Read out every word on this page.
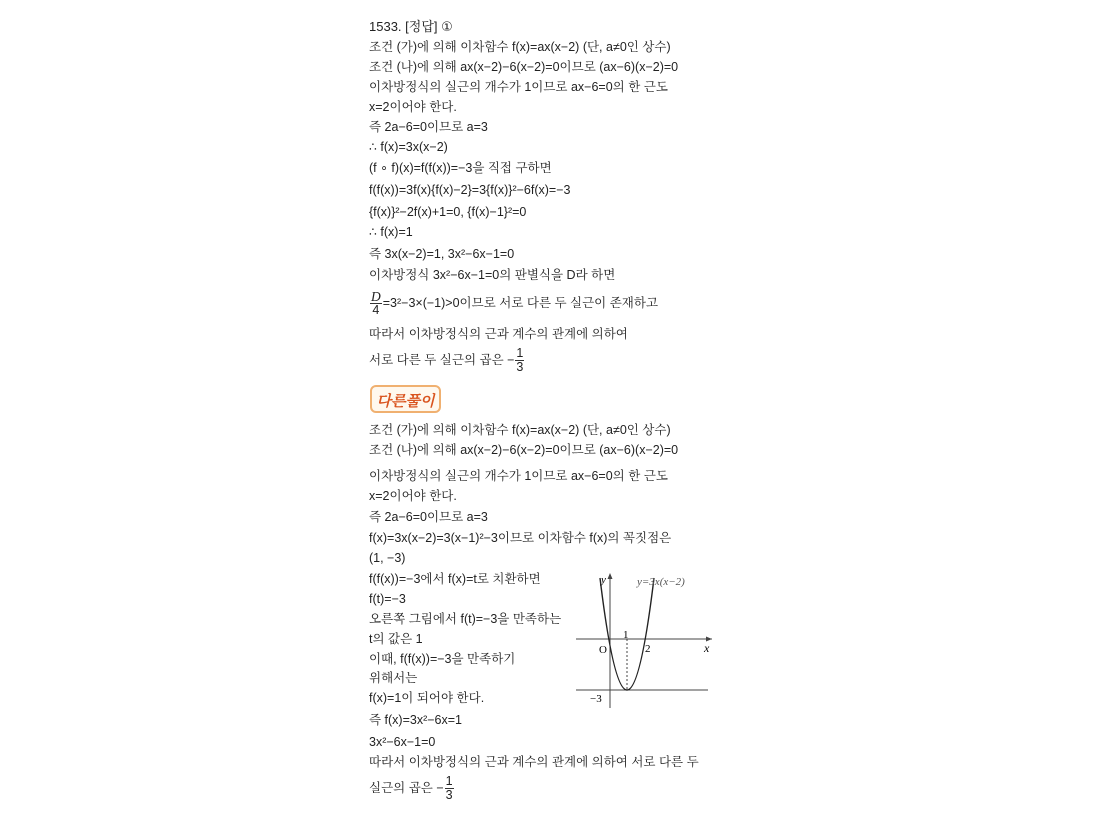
1533. [정답] ①
조건 (가)에 의해 이차함수 f(x)=ax(x−2) (단, a≠0인 상수)
조건 (나)에 의해 ax(x−2)−6(x−2)=0이므로 (ax−6)(x−2)=0
이차방정식의 실근의 개수가 1이므로 ax−6=0의 한 근도
x=2이어야 한다.
즉 2a−6=0이므로 a=3
∴ f(x)=3x(x−2)
(f ∘ f)(x)=f(f(x))=−3을 직접 구하면
f(f(x))=3f(x){f(x)−2}=3{f(x)}²−6f(x)=−3
{f(x)}²−2f(x)+1=0, {f(x)−1}²=0
∴ f(x)=1
즉 3x(x−2)=1, 3x²−6x−1=0
이차방정식 3x²−6x−1=0의 판별식을 D라 하면
$\frac{D}{4} =3^2-3\times(-1)>0$이므로 서로 다른 두 실근이 존재하고
따라서 이차방정식의 근과 계수의 관계에 의하여
서로 다른 두 실근의 곱은 − $\frac{1}{3}$
다른풀이
조건 (가)에 의해 이차함수 f(x)=ax(x−2) (단, a≠0인 상수)
조건 (나)에 의해 ax(x−2)−6(x−2)=0이므로 (ax−6)(x−2)=0
이차방정식의 실근의 개수가 1이므로 ax−6=0의 한 근도
x=2이어야 한다.
즉 2a−6=0이므로 a=3
f(x)=3x(x−2)=3(x−1)²−3이므로 이차함수 f(x)의 꼭짓점은
(1, −3)
f(f(x))=−3에서 f(x)=t로 치환하면
f(t)=−3
오른쪽 그림에서 f(t)=−3을 만족하는
t의 값은 1
이때, f(f(x))=−3을 만족하기
위해서는
f(x)=1이 되어야 한다.
즉 f(x)=3x²−6x=1
3x²−6x−1=0
따라서 이차방정식의 근과 계수의 관계에 의하여 서로 다른 두
실근의 곱은 − $\frac{1}{3}$
y
x
O
1
2
−3
y=3x(x−2)
